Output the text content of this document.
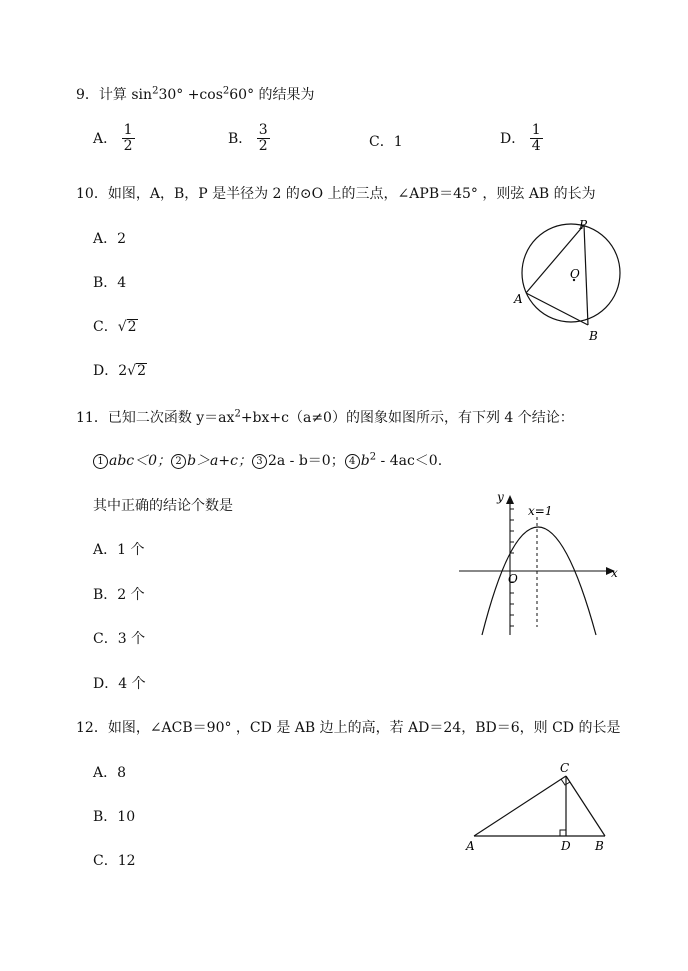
9．计算 $\sin^230^\circ +\cos^260^\circ$ 的结果为
A． $\frac{1}{2}$	B． $\frac{3}{2}$	C．1	D． $\frac{1}{4}$
10．如图，A，B，P 是半径为 2 的⊙O 上的三点，∠APB＝45° ，则弦 AB 的长为
A．2
B．4
C．√2
D．2√2
P
O
A
B
11．已知二次函数 $y=ax^2+bx+c(a\ne 0)$的图象如图所示，有下列 4 个结论：
1 abc＜0； 2 b＞a+c； 3 2a - b＝0； 4 $b^2 - 4ac<0$.
其中正确的结论个数是
A．1 个
B．2 个
C．3 个
D．4 个
y
x
O
x=1
12．如图，∠ACB＝90° ，CD 是 AB 边上的高，若 AD＝24，BD＝6，则 CD 的长是
A．8
B．10
C．12
C
A	D B
